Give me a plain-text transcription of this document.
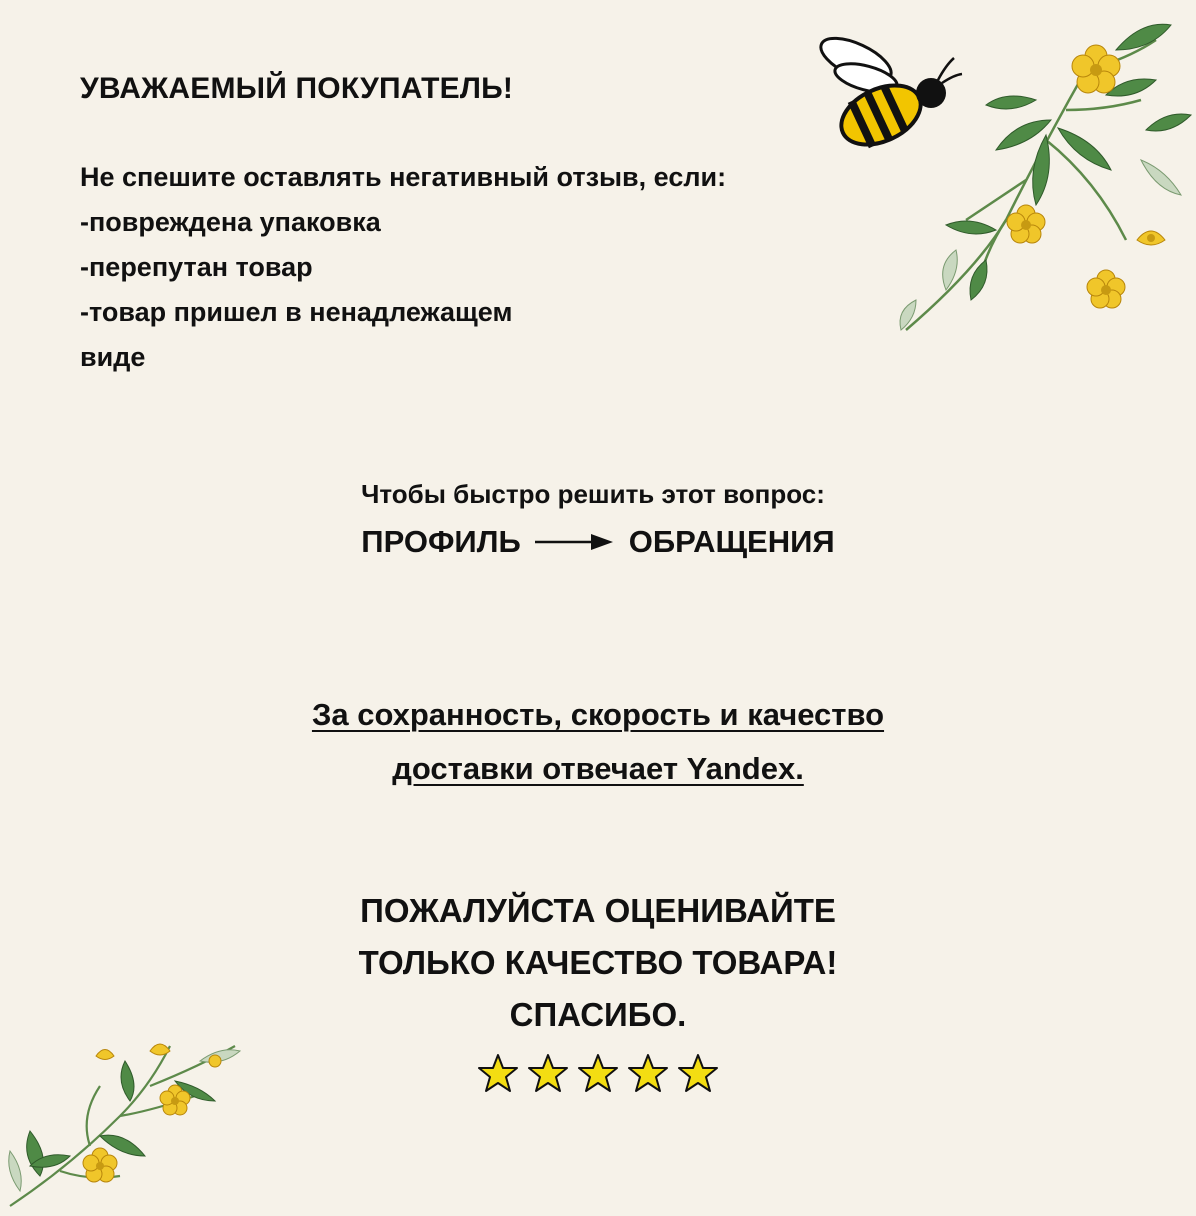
УВАЖАЕМЫЙ ПОКУПАТЕЛЬ!
Не спешите оставлять негативный отзыв, если:
-повреждена упаковка
-перепутан товар
-товар пришел в ненадлежащем
виде
Чтобы быстро решить этот вопрос:
ПРОФИЛЬ	ОБРАЩЕНИЯ
За сохранность, скорость и качество
доставки отвечает Yandex.
ПОЖАЛУЙСТА ОЦЕНИВАЙТЕ
ТОЛЬКО КАЧЕСТВО ТОВАРА!
СПАСИБО.
